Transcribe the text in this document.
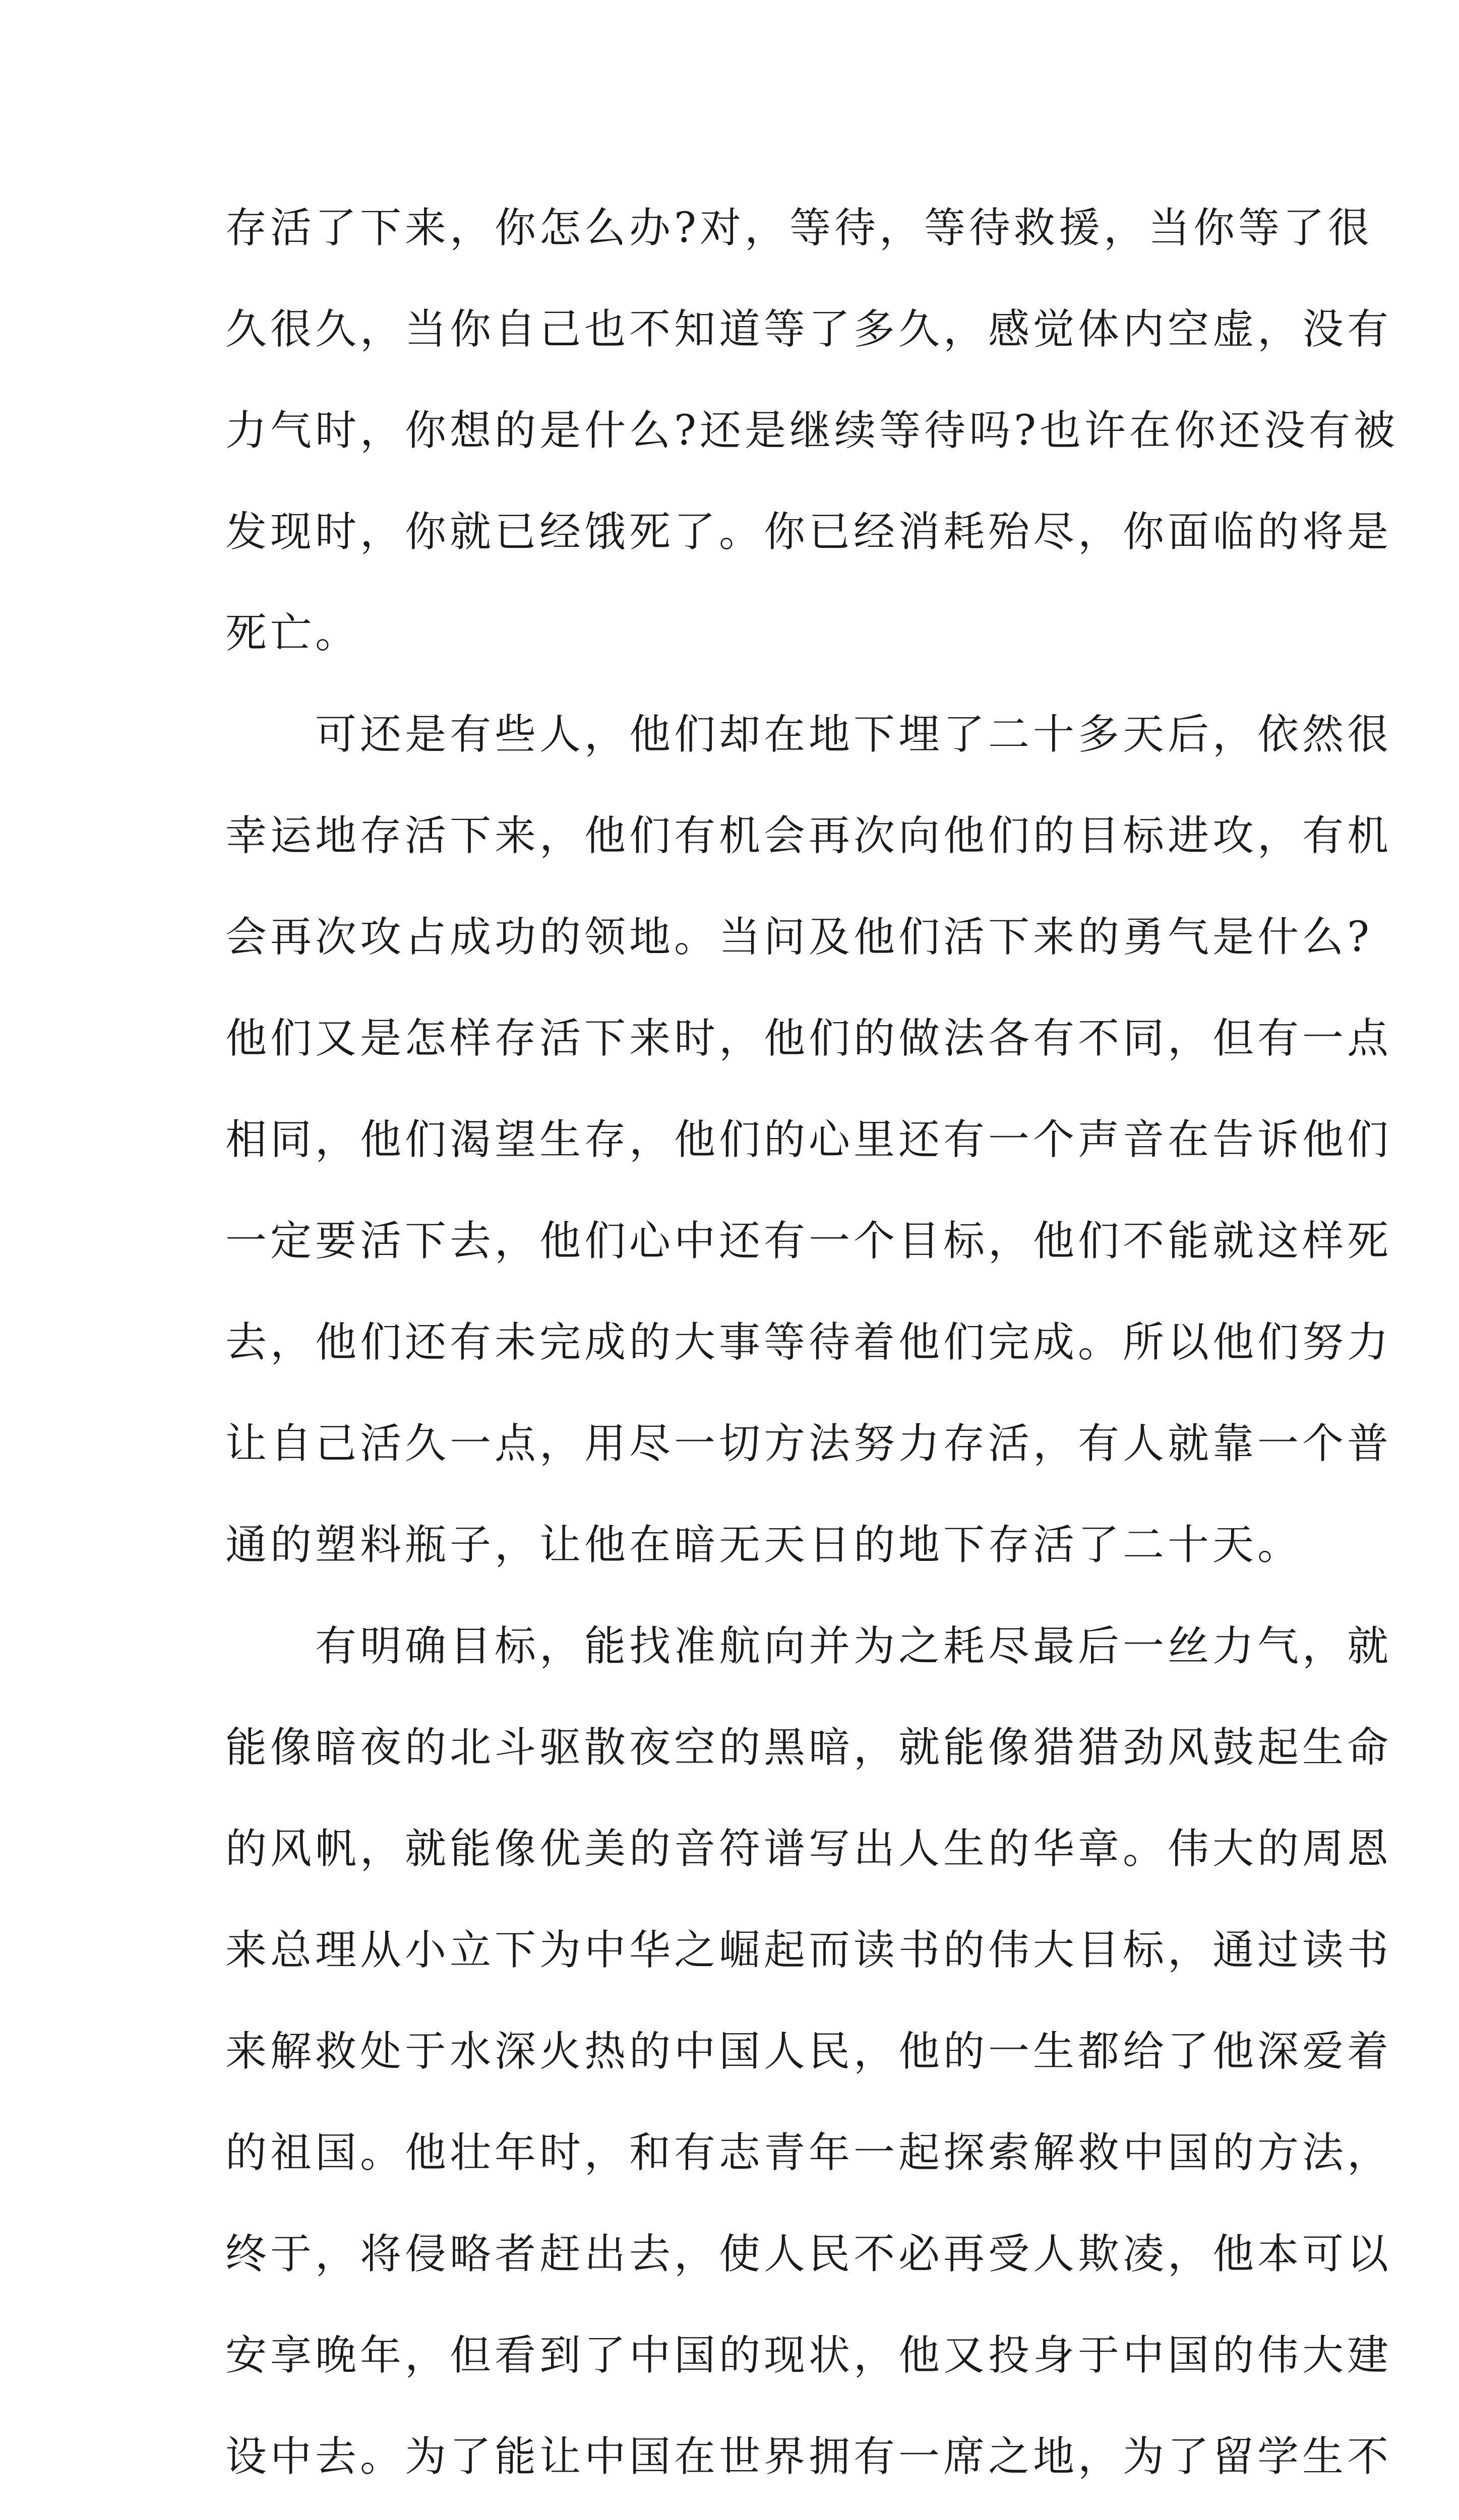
存活了下来，你怎么办?对，等待，等待救援，当你等了很
久很久，当你自己也不知道等了多久，感觉体内空虚，没有
力气时，你想的是什么?还是继续等待吗?也许在你还没有被
发现时，你就已经饿死了。你已经消耗殆尽，你面临的将是
死亡。
　　可还是有些人，他们却在地下埋了二十多天后，依然很
幸运地存活下来，他们有机会再次向他们的目标进攻，有机
会再次攻占成功的领地。当问及他们活下来的勇气是什么?
他们又是怎样存活下来时，他们的做法各有不同，但有一点
相同，他们渴望生存，他们的心里还有一个声音在告诉他们
一定要活下去，他们心中还有一个目标，他们不能就这样死
去，他们还有未完成的大事等待着他们完成。所以他们努力
让自己活久一点，用尽一切方法努力存活，有人就靠一个普
通的塑料瓶子，让他在暗无天日的地下存活了二十天。
　　有明确目标，能找准航向并为之耗尽最后一丝力气，就
能像暗夜的北斗驱散夜空的黑暗，就能像猎猎劲风鼓起生命
的风帆，就能像优美的音符谱写出人生的华章。伟大的周恩
来总理从小立下为中华之崛起而读书的伟大目标，通过读书
来解救处于水深火热的中国人民，他的一生都给了他深爱着
的祖国。他壮年时，和有志青年一起探索解救中国的方法，
终于，将侵略者赶出去，使人民不必再受人欺凌，他本可以
安享晚年，但看到了中国的现状，他又投身于中国的伟大建
设中去。为了能让中国在世界拥有一席之地，为了留学生不
